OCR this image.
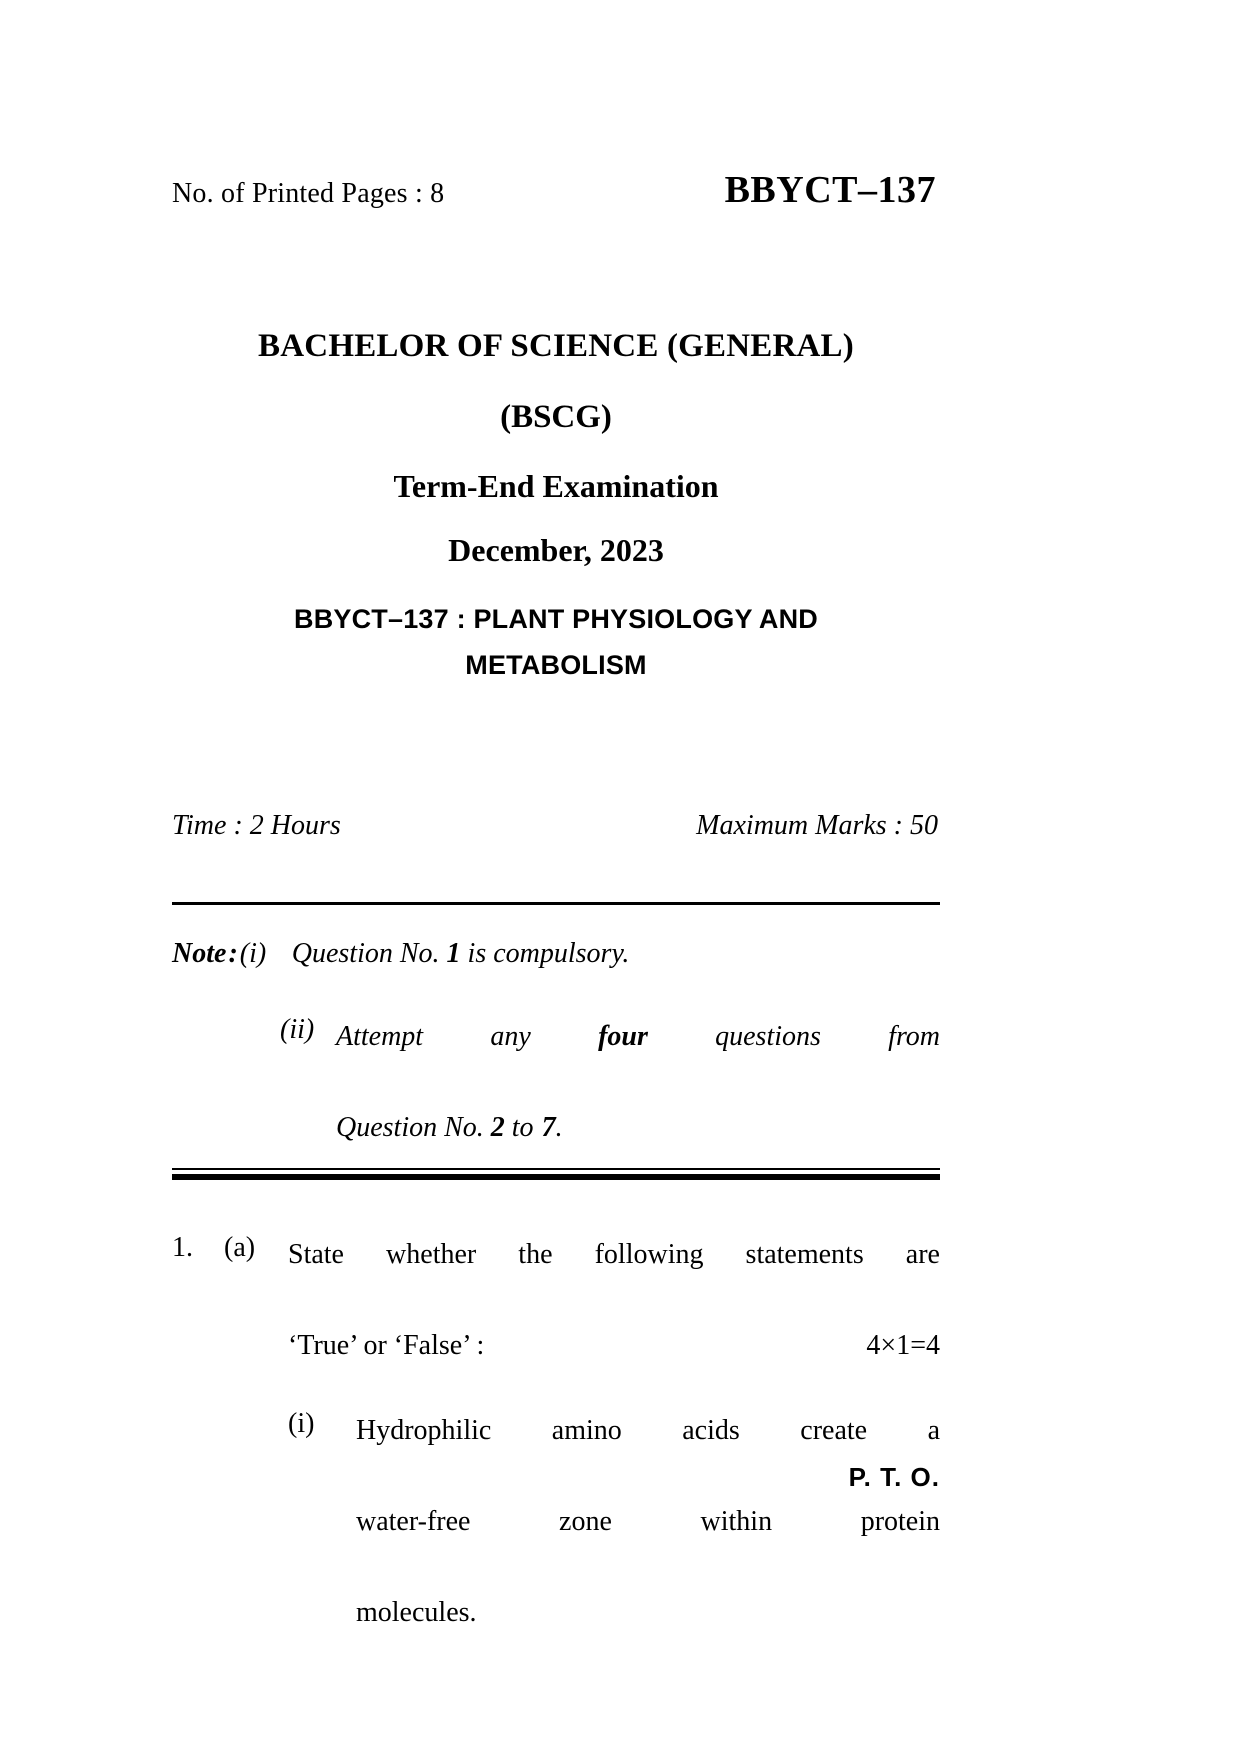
No. of Printed Pages : 8	BBYCT–137
BACHELOR OF SCIENCE (GENERAL)
(BSCG)
Term-End Examination
December, 2023
BBYCT–137 : PLANT PHYSIOLOGY AND
METABOLISM
Time : 2 Hours	Maximum Marks : 50
Note : (i) Question No. 1 is compulsory.
(ii) Attempt any four questions from
Question No. 2 to 7.
1.	(a)	State whether the following statements are
‘True’ or ‘False’ :	4×1=4
(i)	Hydrophilic amino acids create a
water-free zone within protein
molecules.
P. T. O.
